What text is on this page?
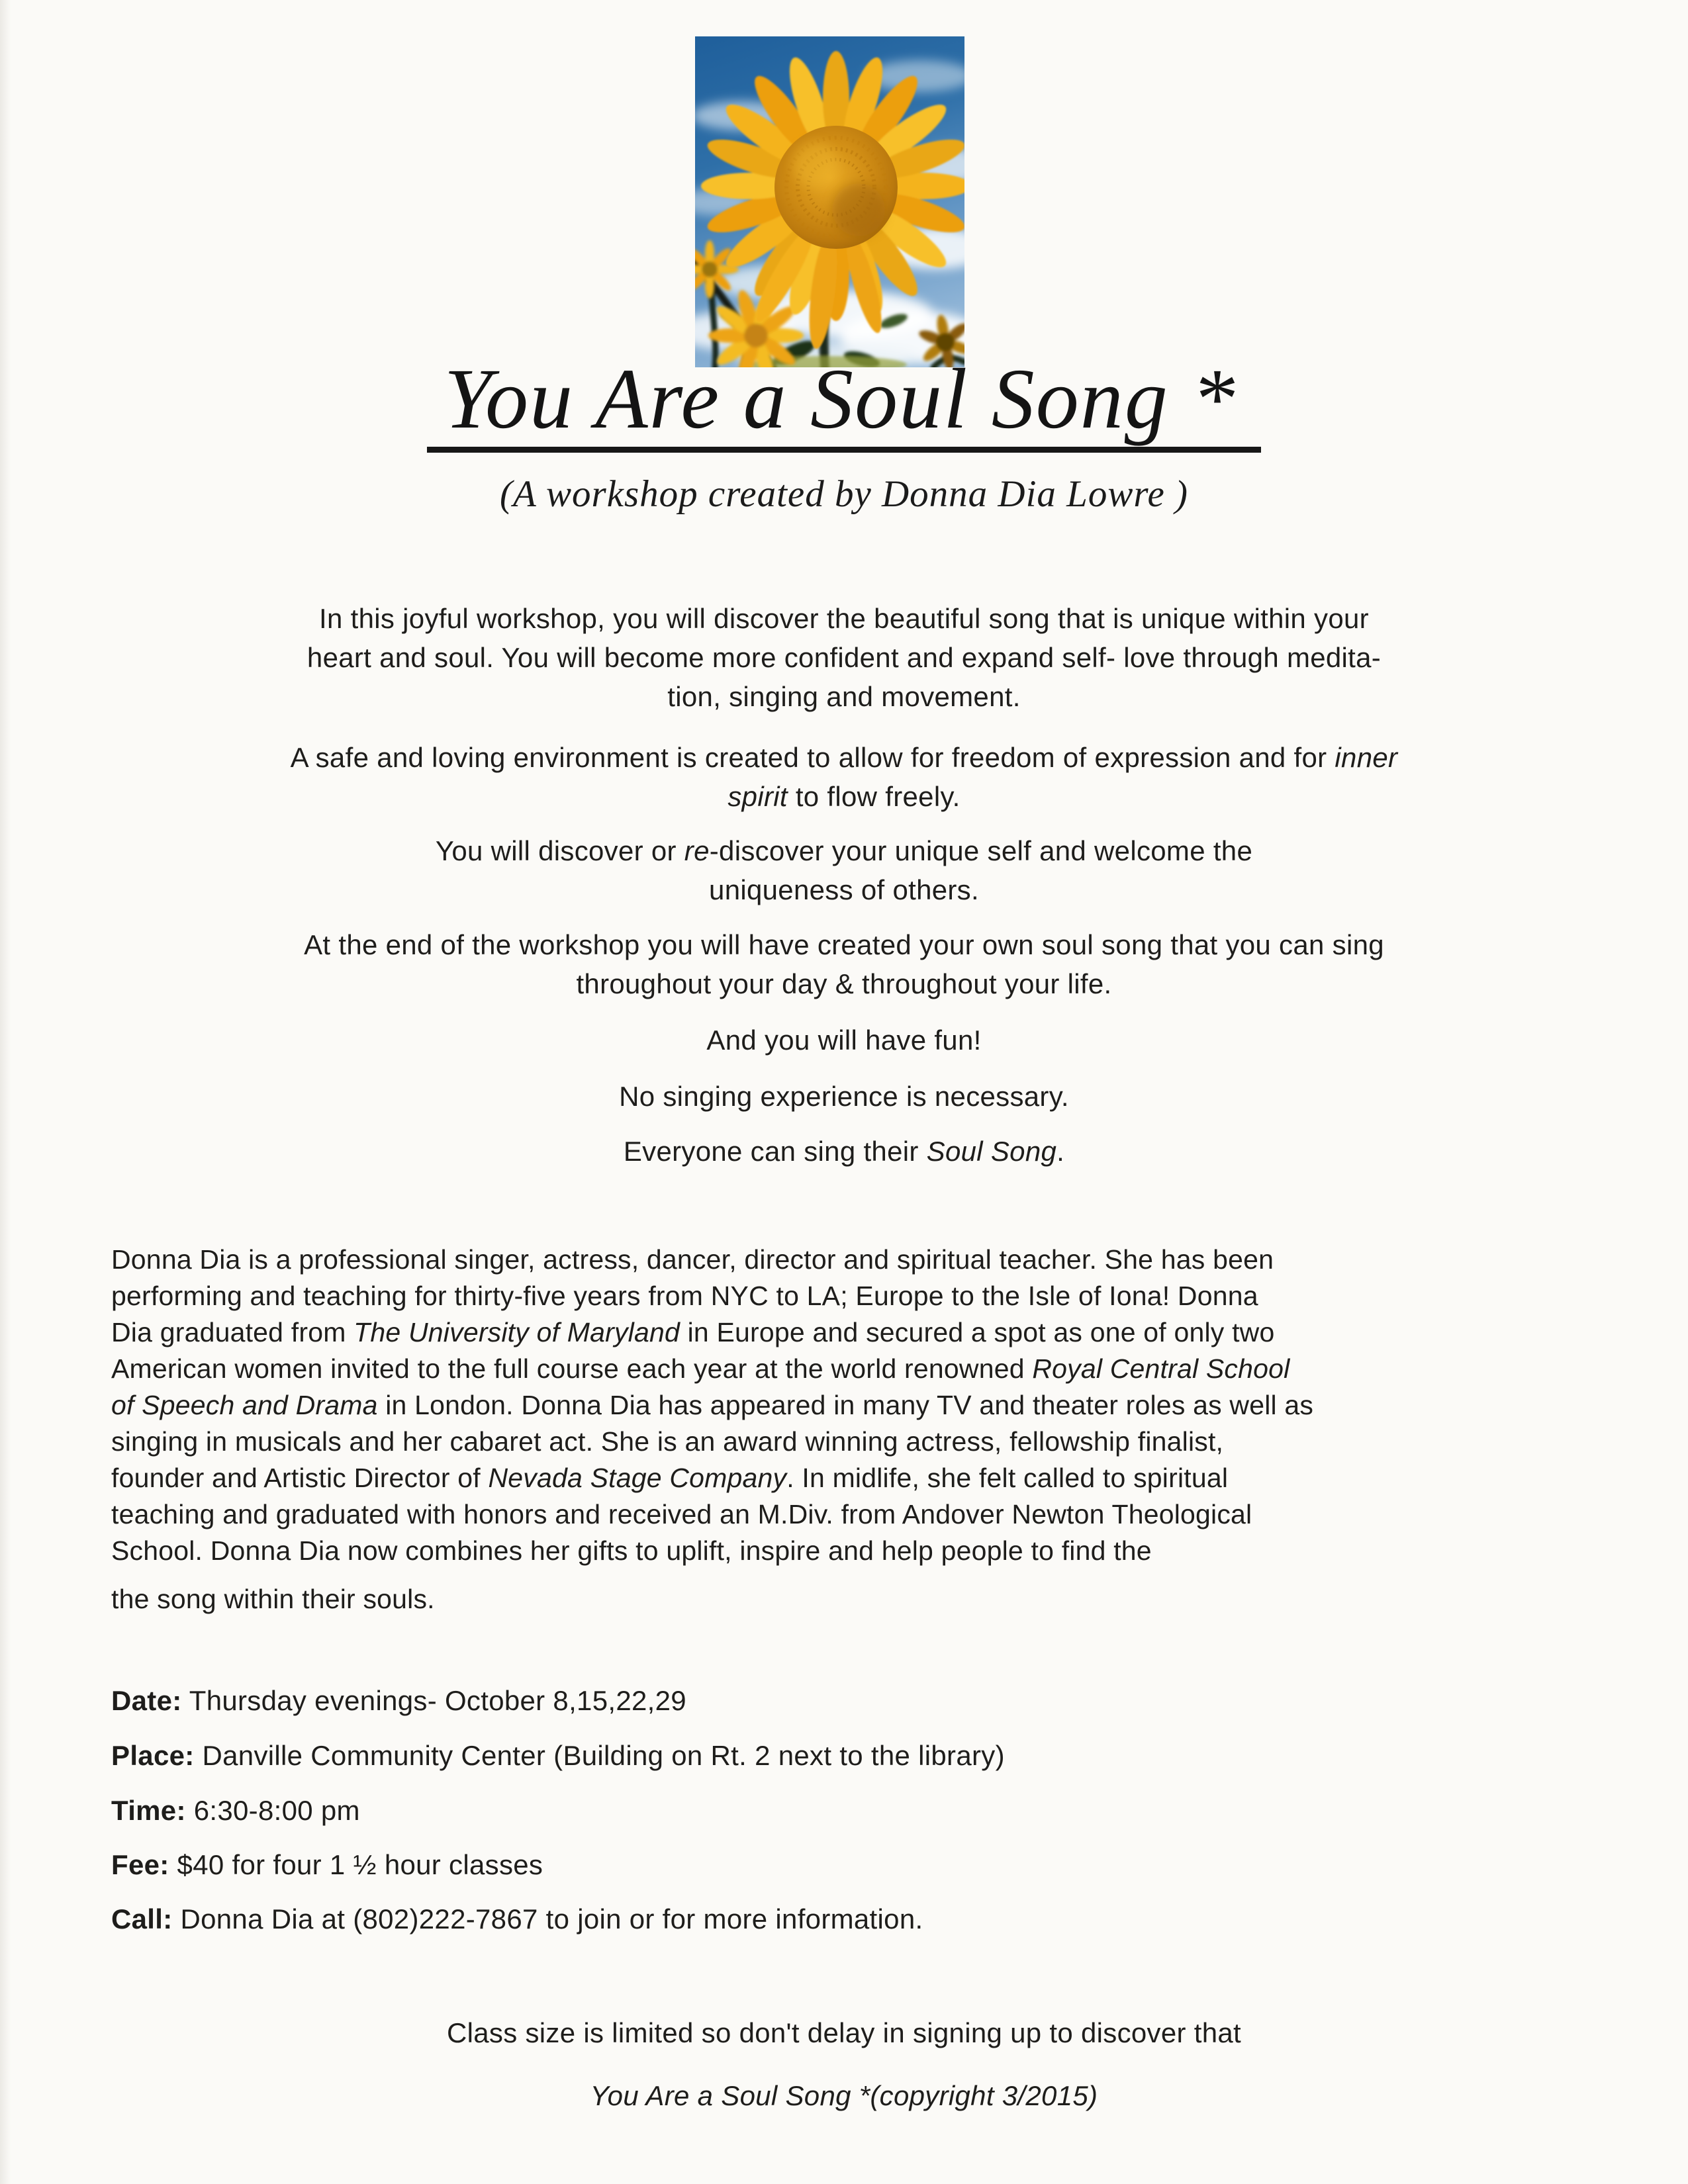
You Are a Soul Song *
(A workshop created by Donna Dia Lowre )
In this joyful workshop, you will discover the beautiful song that is unique within your
heart and soul. You will become more confident and expand self- love through medita-
tion, singing and movement.
A safe and loving environment is created to allow for freedom of expression and for inner
spirit to flow freely.
You will discover or re-discover your unique self and welcome the
uniqueness of others.
At the end of the workshop you will have created your own soul song that you can sing
throughout your day & throughout your life.
And you will have fun!
No singing experience is necessary.
Everyone can sing their Soul Song.
Donna Dia is a professional singer, actress, dancer, director and spiritual teacher. She has been
performing and teaching for thirty-five years from NYC to LA; Europe to the Isle of Iona! Donna
Dia graduated from The University of Maryland in Europe and secured a spot as one of only two
American women invited to the full course each year at the world renowned Royal Central School
of Speech and Drama in London. Donna Dia has appeared in many TV and theater roles as well as
singing in musicals and her cabaret act. She is an award winning actress, fellowship finalist,
founder and Artistic Director of Nevada Stage Company. In midlife, she felt called to spiritual
teaching and graduated with honors and received an M.Div. from Andover Newton Theological
School. Donna Dia now combines her gifts to uplift, inspire and help people to find the
the song within their souls.
Date: Thursday evenings- October 8,15,22,29
Place: Danville Community Center (Building on Rt. 2 next to the library)
Time: 6:30-8:00 pm
Fee: $40 for four 1 ½ hour classes
Call: Donna Dia at (802)222-7867 to join or for more information.
Class size is limited so don't delay in signing up to discover that
You Are a Soul Song *(copyright 3/2015)
